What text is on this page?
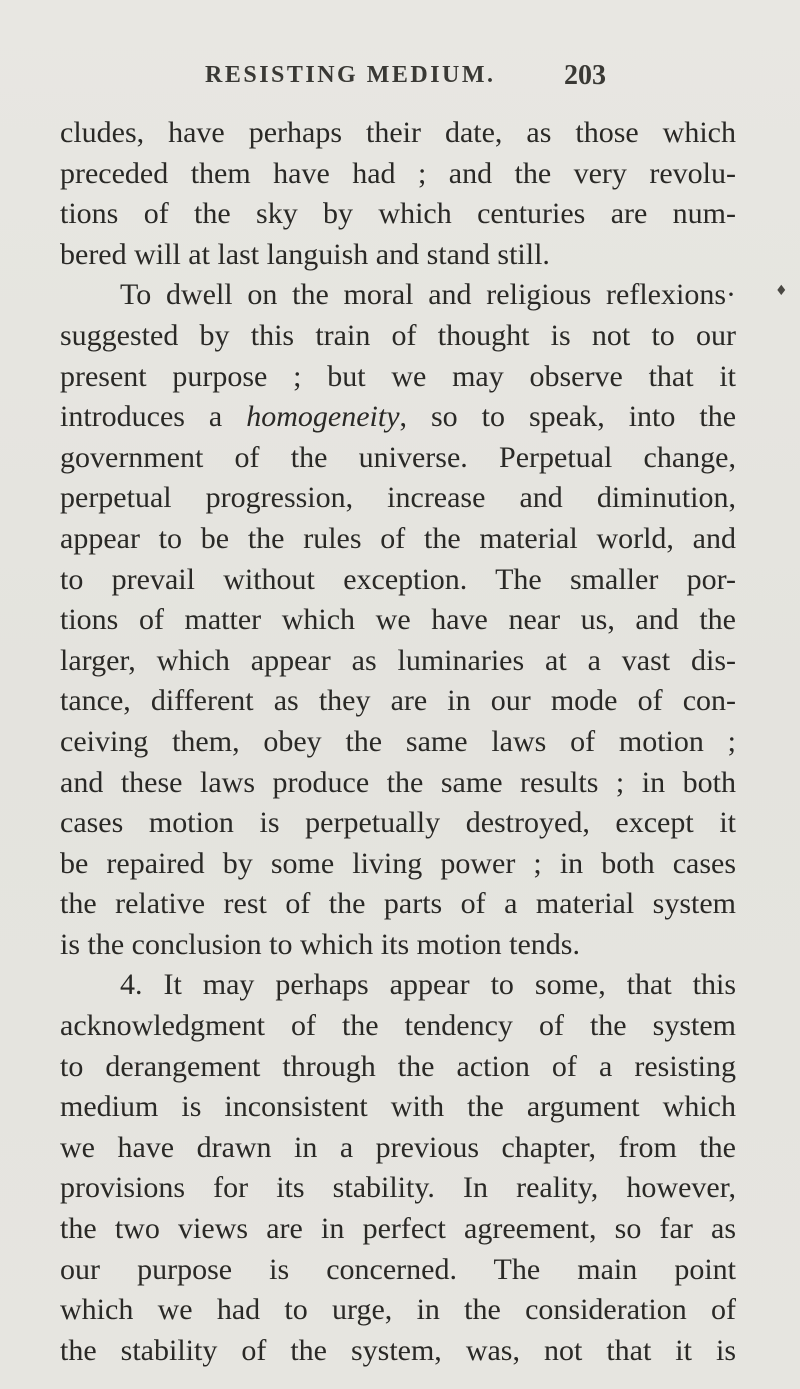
RESISTING MEDIUM. 203
♦
cludes, have perhaps their date, as those which
preceded them have had ; and the very revolu-
tions of the sky by which centuries are num-
bered will at last languish and stand still.
To dwell on the moral and religious reflexions·
suggested by this train of thought is not to our
present purpose ; but we may observe that it
introduces a homogeneity, so to speak, into the
government of the universe. Perpetual change,
perpetual progression, increase and diminution,
appear to be the rules of the material world, and
to prevail without exception. The smaller por-
tions of matter which we have near us, and the
larger, which appear as luminaries at a vast dis-
tance, different as they are in our mode of con-
ceiving them, obey the same laws of motion ;
and these laws produce the same results ; in both
cases motion is perpetually destroyed, except it
be repaired by some living power ; in both cases
the relative rest of the parts of a material system
is the conclusion to which its motion tends.
4. It may perhaps appear to some, that this
acknowledgment of the tendency of the system
to derangement through the action of a resisting
medium is inconsistent with the argument which
we have drawn in a previous chapter, from the
provisions for its stability. In reality, however,
the two views are in perfect agreement, so far as
our purpose is concerned. The main point
which we had to urge, in the consideration of
the stability of the system, was, not that it is
